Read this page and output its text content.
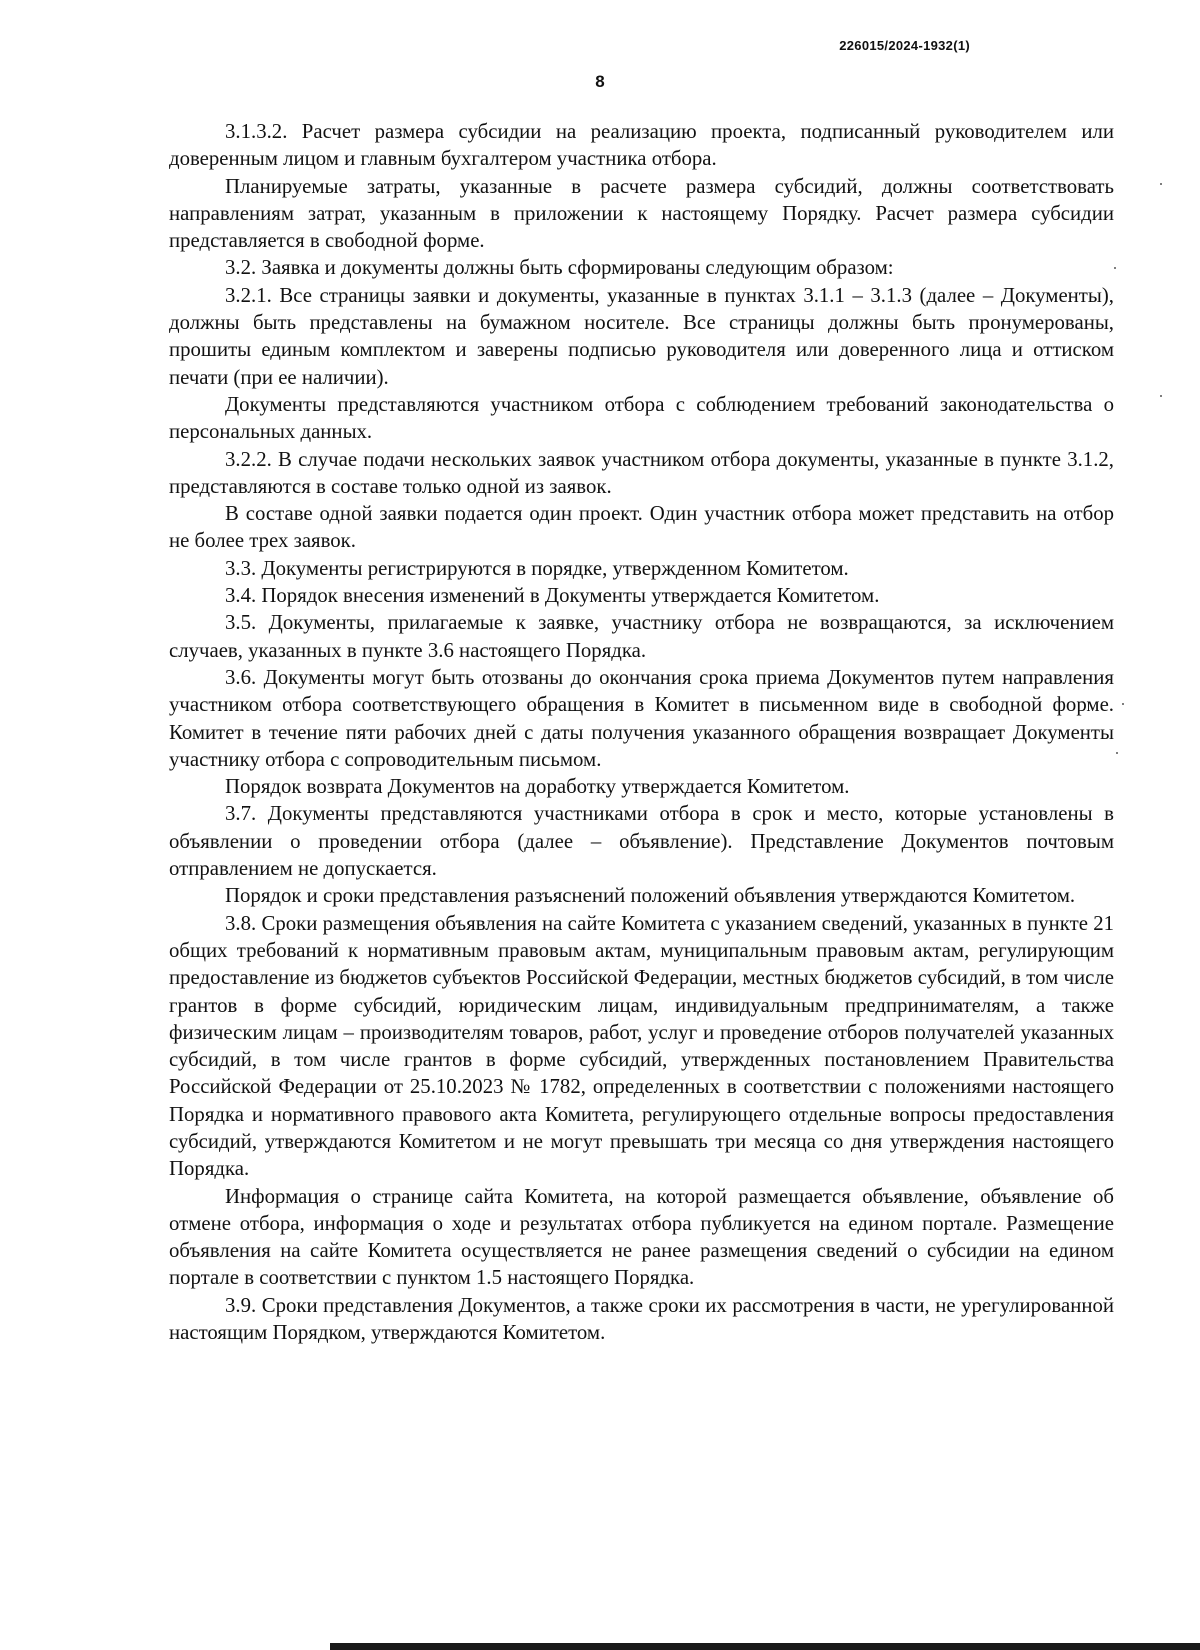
226015/2024-1932(1)
8

3.1.3.2. Расчет размера субсидии на реализацию проекта, подписанный руководителем или доверенным лицом и главным бухгалтером участника отбора.

Планируемые затраты, указанные в расчете размера субсидий, должны соответствовать направлениям затрат, указанным в приложении к настоящему Порядку. Расчет размера субсидии представляется в свободной форме.

3.2. Заявка и документы должны быть сформированы следующим образом:

3.2.1. Все страницы заявки и документы, указанные в пунктах 3.1.1 – 3.1.3 (далее – Документы), должны быть представлены на бумажном носителе. Все страницы должны быть пронумерованы, прошиты единым комплектом и заверены подписью руководителя или доверенного лица и оттиском печати (при ее наличии).

Документы представляются участником отбора с соблюдением требований законодательства о персональных данных.

3.2.2. В случае подачи нескольких заявок участником отбора документы, указанные в пункте 3.1.2, представляются в составе только одной из заявок.

В составе одной заявки подается один проект. Один участник отбора может представить на отбор не более трех заявок.

3.3. Документы регистрируются в порядке, утвержденном Комитетом.

3.4. Порядок внесения изменений в Документы утверждается Комитетом.

3.5. Документы, прилагаемые к заявке, участнику отбора не возвращаются, за исключением случаев, указанных в пункте 3.6 настоящего Порядка.

3.6. Документы могут быть отозваны до окончания срока приема Документов путем направления участником отбора соответствующего обращения в Комитет в письменном виде в свободной форме. Комитет в течение пяти рабочих дней с даты получения указанного обращения возвращает Документы участнику отбора с сопроводительным письмом.

Порядок возврата Документов на доработку утверждается Комитетом.

3.7. Документы представляются участниками отбора в срок и место, которые установлены в объявлении о проведении отбора (далее – объявление). Представление Документов почтовым отправлением не допускается.

Порядок и сроки представления разъяснений положений объявления утверждаются Комитетом.

3.8. Сроки размещения объявления на сайте Комитета с указанием сведений, указанных в пункте 21 общих требований к нормативным правовым актам, муниципальным правовым актам, регулирующим предоставление из бюджетов субъектов Российской Федерации, местных бюджетов субсидий, в том числе грантов в форме субсидий, юридическим лицам, индивидуальным предпринимателям, а также физическим лицам – производителям товаров, работ, услуг и проведение отборов получателей указанных субсидий, в том числе грантов в форме субсидий, утвержденных постановлением Правительства Российской Федерации от 25.10.2023 № 1782, определенных в соответствии с положениями настоящего Порядка и нормативного правового акта Комитета, регулирующего отдельные вопросы предоставления субсидий, утверждаются Комитетом и не могут превышать три месяца со дня утверждения настоящего Порядка.

Информация о странице сайта Комитета, на которой размещается объявление, объявление об отмене отбора, информация о ходе и результатах отбора публикуется на едином портале. Размещение объявления на сайте Комитета осуществляется не ранее размещения сведений о субсидии на едином портале в соответствии с пунктом 1.5 настоящего Порядка.

3.9. Сроки представления Документов, а также сроки их рассмотрения в части, не урегулированной настоящим Порядком, утверждаются Комитетом.
